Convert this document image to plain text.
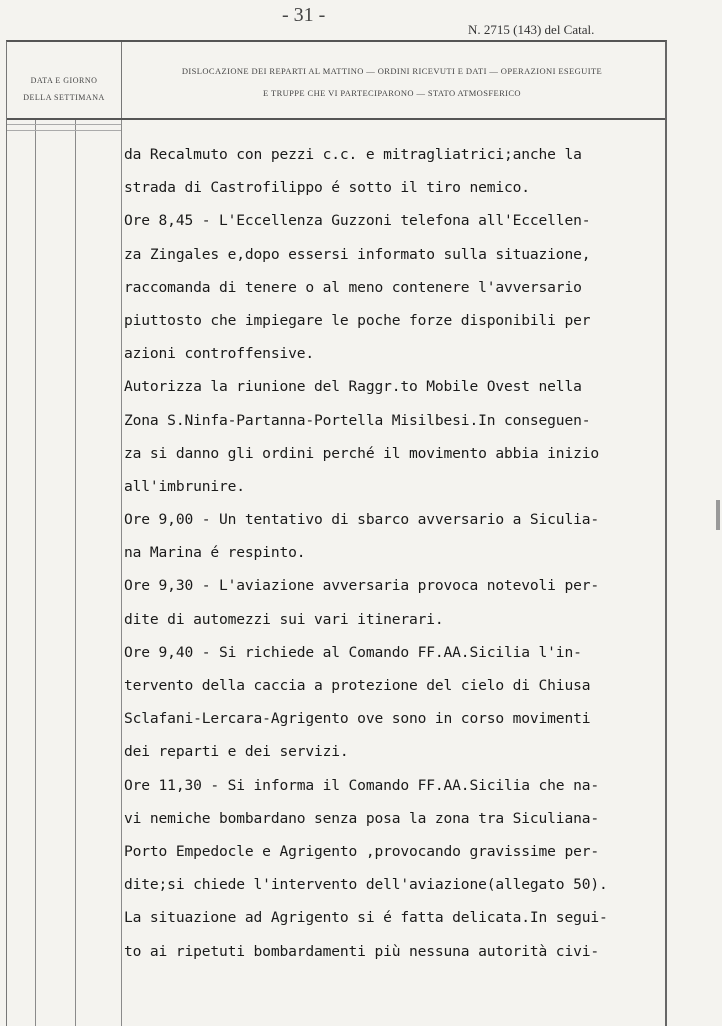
- 31 -
N. 2715 (143) del Catal.
DATA E GIORNO
DELLA SETTIMANA
DISLOCAZIONE DEI REPARTI AL MATTINO — ORDINI RICEVUTI E DATI — OPERAZIONI ESEGUITE
E TRUPPE CHE VI PARTECIPARONO — STATO ATMOSFERICO
da Recalmuto con pezzi c.c. e mitragliatrici;anche la
strada di Castrofilippo é sotto il tiro nemico.
Ore 8,45 - L'Eccellenza Guzzoni telefona all'Eccellen-
za Zingales e,dopo essersi informato sulla situazione,
raccomanda di tenere o al meno contenere l'avversario
piuttosto che impiegare le poche forze disponibili per
azioni controffensive.
Autorizza la riunione del Raggr.to Mobile Ovest nella
Zona S.Ninfa-Partanna-Portella Misilbesi.In conseguen-
za si danno gli ordini perché il movimento abbia inizio
all'imbrunire.
Ore 9,00 - Un tentativo di sbarco avversario a Siculia-
na Marina é respinto.
Ore 9,30 - L'aviazione avversaria provoca notevoli per-
dite di automezzi sui vari itinerari.
Ore 9,40 - Si richiede al Comando FF.AA.Sicilia l'in-
tervento della caccia a protezione del cielo di Chiusa
Sclafani-Lercara-Agrigento ove sono in corso movimenti
dei reparti e dei servizi.
Ore 11,30 - Si informa il Comando FF.AA.Sicilia che na-
vi nemiche bombardano senza posa la zona tra Siculiana-
Porto Empedocle e Agrigento ,provocando gravissime per-
dite;si chiede l'intervento dell'aviazione(allegato 50).
La situazione ad Agrigento si é fatta delicata.In segui-
to ai ripetuti bombardamenti più nessuna autorità civi-
